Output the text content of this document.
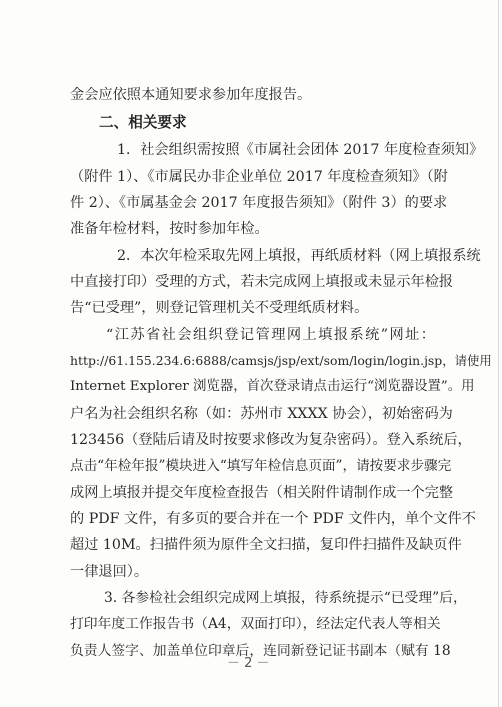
－ 2 －
金会应依照本通知要求参加年度报告。
二、相关要求
1．社会组织需按照《市属社会团体 2017 年度检查须知》
（附件 1）、《市属民办非企业单位 2017 年度检查须知》（附
件 2）、《市属基金会 2017 年度报告须知》（附件 3）的要求
准备年检材料，按时参加年检。
2．本次年检采取先网上填报，再纸质材料（网上填报系统
中直接打印）受理的方式，若未完成网上填报或未显示年检报
告“已受理”，则登记管理机关不受理纸质材料。
“江苏省社会组织登记管理网上填报系统”网址：
http://61.155.234.6:6888/camsjs/jsp/ext/som/login/login.jsp，请使用
Internet Explorer 浏览器，首次登录请点击运行“浏览器设置”。用
户名为社会组织名称（如：苏州市 XXXX 协会），初始密码为
123456（登陆后请及时按要求修改为复杂密码）。登入系统后，
点击“年检年报”模块进入“填写年检信息页面”，请按要求步骤完
成网上填报并提交年度检查报告（相关附件请制作成一个完整
的 PDF 文件，有多页的要合并在一个 PDF 文件内，单个文件不
超过 10M。扫描件须为原件全文扫描，复印件扫描件及缺页件
一律退回）。
3. 各参检社会组织完成网上填报，待系统提示“已受理”后，
打印年度工作报告书（A4，双面打印），经法定代表人等相关
负责人签字、加盖单位印章后，连同新登记证书副本（赋有 18
